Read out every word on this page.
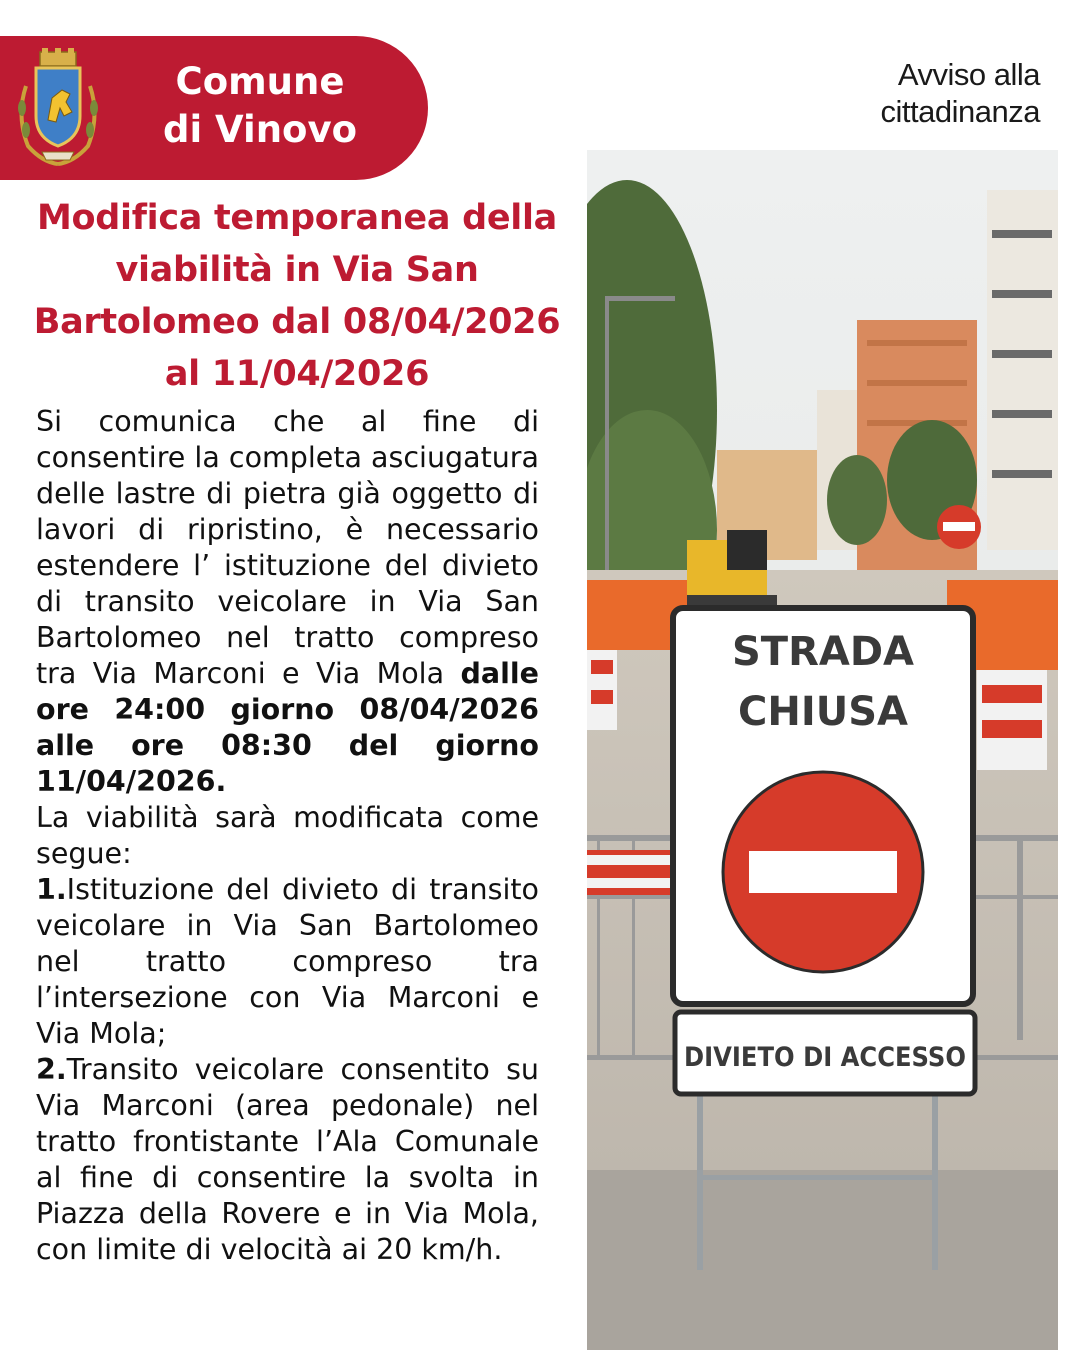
Comune
di Vinovo
Avviso alla
cittadinanza
Modifica temporanea della viabilità in Via San Bartolomeo dal 08/04/2026 al 11/04/2026

Si comunica che al fine di consentire la completa asciugatura delle lastre di pietra già oggetto di lavori di ripristino, è necessario estendere l’ istituzione del divieto di transito veicolare in Via San Bartolomeo nel tratto compreso tra Via Marconi e Via Mola dalle ore 24:00 giorno 08/04/2026 alle ore 08:30 del giorno 11/04/2026.

La viabilità sarà modificata come segue:

1.Istituzione del divieto di transito veicolare in Via San Bartolomeo nel tratto compreso tra l’intersezione con Via Marconi e Via Mola;

2.Transito veicolare consentito su Via Marconi (area pedonale) nel tratto frontistante l’Ala Comunale al fine di consentire la svolta in Piazza della Rovere e in Via Mola, con limite di velocità ai 20 km/h.

STRADA
CHIUSA
DIVIETO DI ACCESSO
